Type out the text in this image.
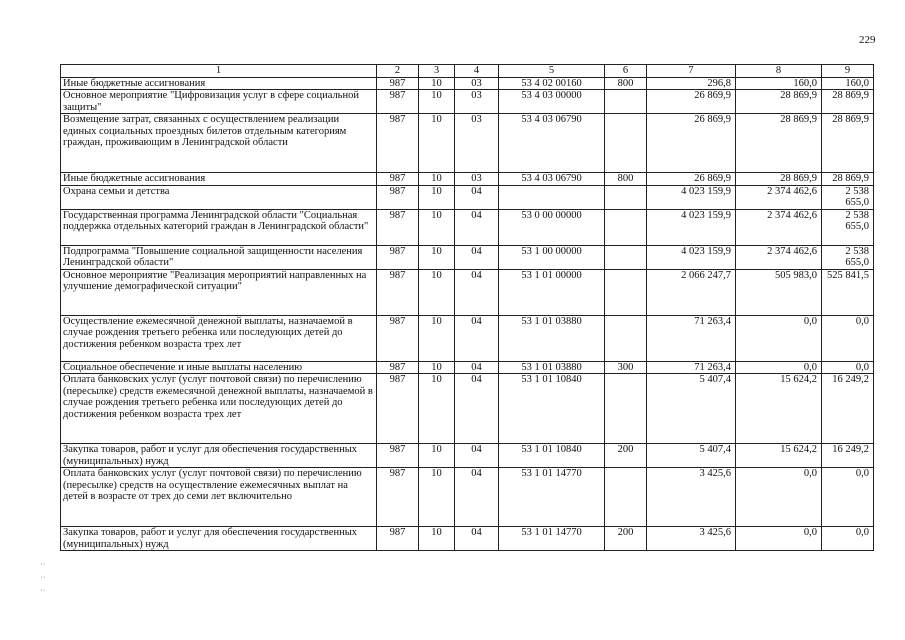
229
1	2	3	4	5	6	7	8	9
Иные бюджетные ассигнования	987	10	03	53 4 02 00160	800	296,8	160,0	160,0
Основное мероприятие "Цифровизация услуг в сфере социальной защиты"	987	10	03	53 4 03 00000		26 869,9	28 869,9	28 869,9
Возмещение затрат, связанных с осуществлением реализации единых социальных проездных билетов отдельным категориям граждан, проживающим в Ленинградской области	987	10	03	53 4 03 06790		26 869,9	28 869,9	28 869,9
Иные бюджетные ассигнования	987	10	03	53 4 03 06790	800	26 869,9	28 869,9	28 869,9
Охрана семьи и детства	987	10	04			4 023 159,9	2 374 462,6	2 538 655,0
Государственная программа Ленинградской области "Социальная поддержка отдельных категорий граждан в Ленинградской области"	987	10	04	53 0 00 00000		4 023 159,9	2 374 462,6	2 538 655,0
Подпрограмма "Повышение социальной защищенности населения Ленинградской области"	987	10	04	53 1 00 00000		4 023 159,9	2 374 462,6	2 538 655,0
Основное мероприятие "Реализация мероприятий направленных на улучшение демографической ситуации"	987	10	04	53 1 01 00000		2 066 247,7	505 983,0	525 841,5
Осуществление ежемесячной денежной выплаты, назначаемой в случае рождения третьего ребенка или последующих детей до достижения ребенком возраста трех лет	987	10	04	53 1 01 03880		71 263,4	0,0	0,0
Социальное обеспечение и иные выплаты населению	987	10	04	53 1 01 03880	300	71 263,4	0,0	0,0
Оплата банковских услуг (услуг почтовой связи) по перечислению (пересылке) средств ежемесячной денежной выплаты, назначаемой в случае рождения третьего ребенка или последующих детей до достижения ребенком возраста трех лет	987	10	04	53 1 01 10840		5 407,4	15 624,2	16 249,2
Закупка товаров, работ и услуг для обеспечения государственных (муниципальных) нужд	987	10	04	53 1 01 10840	200	5 407,4	15 624,2	16 249,2
Оплата банковских услуг (услуг почтовой связи) по перечислению (пересылке) средств на осуществление ежемесячных выплат на детей в возрасте от трех до семи лет включительно	987	10	04	53 1 01 14770		3 425,6	0,0	0,0
Закупка товаров, работ и услуг для обеспечения государственных (муниципальных) нужд	987	10	04	53 1 01 14770	200	3 425,6	0,0	0,0
˙˙
˙˙
˙˙
